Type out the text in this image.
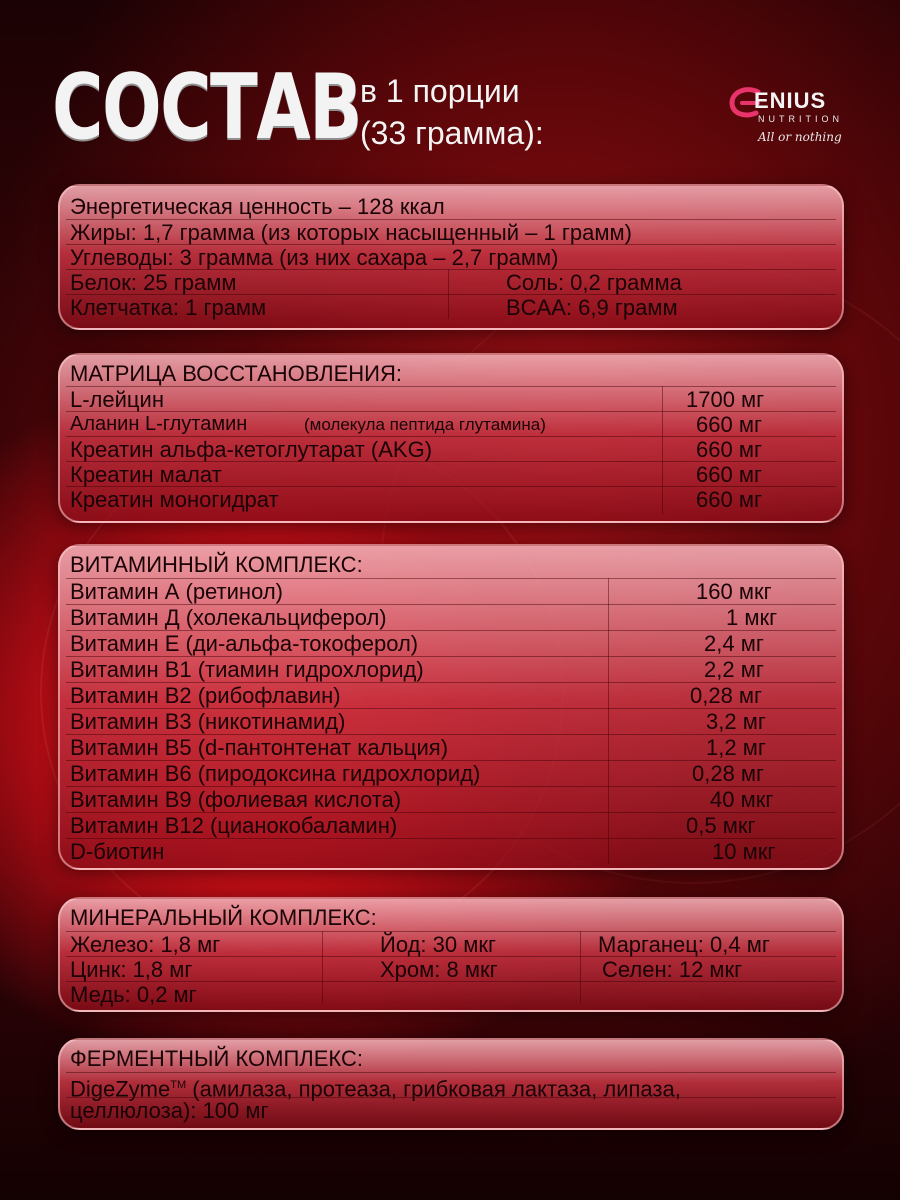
СОСТАВ
в 1 порции
(33 грамма):
ENIUS
NUTRITION
All or nothing
Энергетическая ценность – 128 ккал
Жиры: 1,7 грамма (из которых насыщенный – 1 грамм)
Углеводы: 3 грамма (из них сахара – 2,7 грамм)
Белок: 25 грамм	Соль: 0,2 грамма
Клетчатка: 1 грамм	BCAA: 6,9 грамм
МАТРИЦА ВОССТАНОВЛЕНИЯ:
L-лейцин	1700 мг
Аланин L-глутамин	(молекула пептида глутамина)	660 мг
Креатин альфа-кетоглутарат (AKG)	660 мг
Креатин малат	660 мг
Креатин моногидрат	660 мг
ВИТАМИННЫЙ КОМПЛЕКС:
Витамин А (ретинол)	160 мкг
Витамин Д (холекальциферол)	1 мкг
Витамин Е (ди-альфа-токоферол)	2,4 мг
Витамин В1 (тиамин гидрохлорид)	2,2 мг
Витамин В2 (рибофлавин)	0,28 мг
Витамин В3 (никотинамид)	3,2 мг
Витамин В5 (d-пантонтенат кальция)	1,2 мг
Витамин В6 (пиродоксина гидрохлорид)	0,28 мг
Витамин В9 (фолиевая кислота)	40 мкг
Витамин В12 (цианокобаламин)	0,5 мкг
D-биотин	10 мкг
МИНЕРАЛЬНЫЙ КОМПЛЕКС:
Железо: 1,8 мг	Йод: 30 мкг	Марганец: 0,4 мг
Цинк: 1,8 мг	Хром: 8 мкг	Селен: 12 мкг
Медь: 0,2 мг
ФЕРМЕНТНЫЙ КОМПЛЕКС:
DigeZyme™ (амилаза, протеаза, грибковая лактаза, липаза,
целлюлоза): 100 мг
